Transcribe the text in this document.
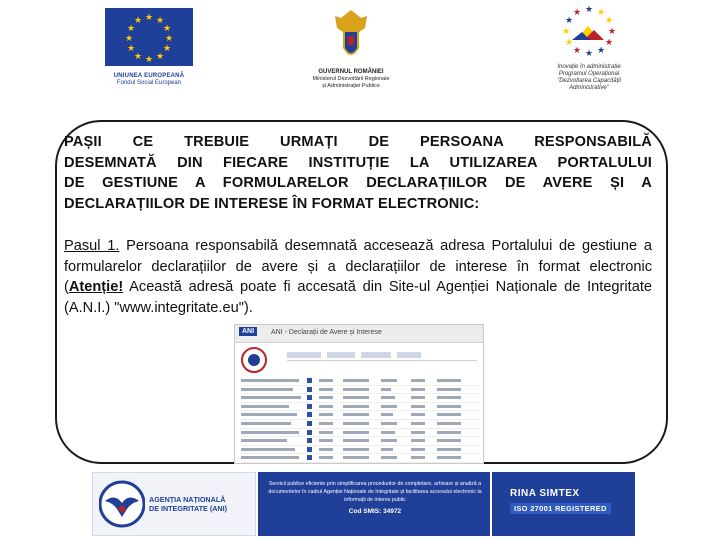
★ ★
★
★
★
★
★
★
★
★
★
★
UNIUNEA EUROPEANĂ
Fondul Social European
GUVERNUL ROMÂNIEI
Ministerul Dezvoltării Regionale
și Administrației Publice
★ ★
★
★
★
★
★
★
★
★
★
★
Inovație în administrație
Programul Operațional
"Dezvoltarea Capacității
Administrative"
PAȘII CE TREBUIE URMAȚI DE PERSOANA RESPONSABILĂ
DESEMNATĂ DIN FIECARE INSTITUȚIE LA UTILIZAREA PORTALULUI
DE GESTIUNE A FORMULARELOR DECLARAȚIILOR DE AVERE ȘI A
DECLARAȚIILOR DE INTERESE ÎN FORMAT ELECTRONIC:
Pasul 1. Persoana responsabilă desemnată accesează adresa Portalului de gestiune a formularelor declarațiilor de avere și a declarațiilor de interese în format electronic (Atenție! Această adresă poate fi accesată din Site-ul Agenției Naționale de Integritate (A.N.I.) "www.integritate.eu").
ANI	ANI - Declarații de Avere și Interese
AGENȚIA NAȚIONALĂ
DE INTEGRITATE (ANI)
Servicii publice eficiente prin simplificarea procedurilor de completare, arhivare și analiză a documentelor în cadrul Agenției Naționale de Integritate și facilitarea accesului electronic la informații de interes public
Cod SMIS: 34972
RINA SIMTEX
ISO 27001 REGISTERED
